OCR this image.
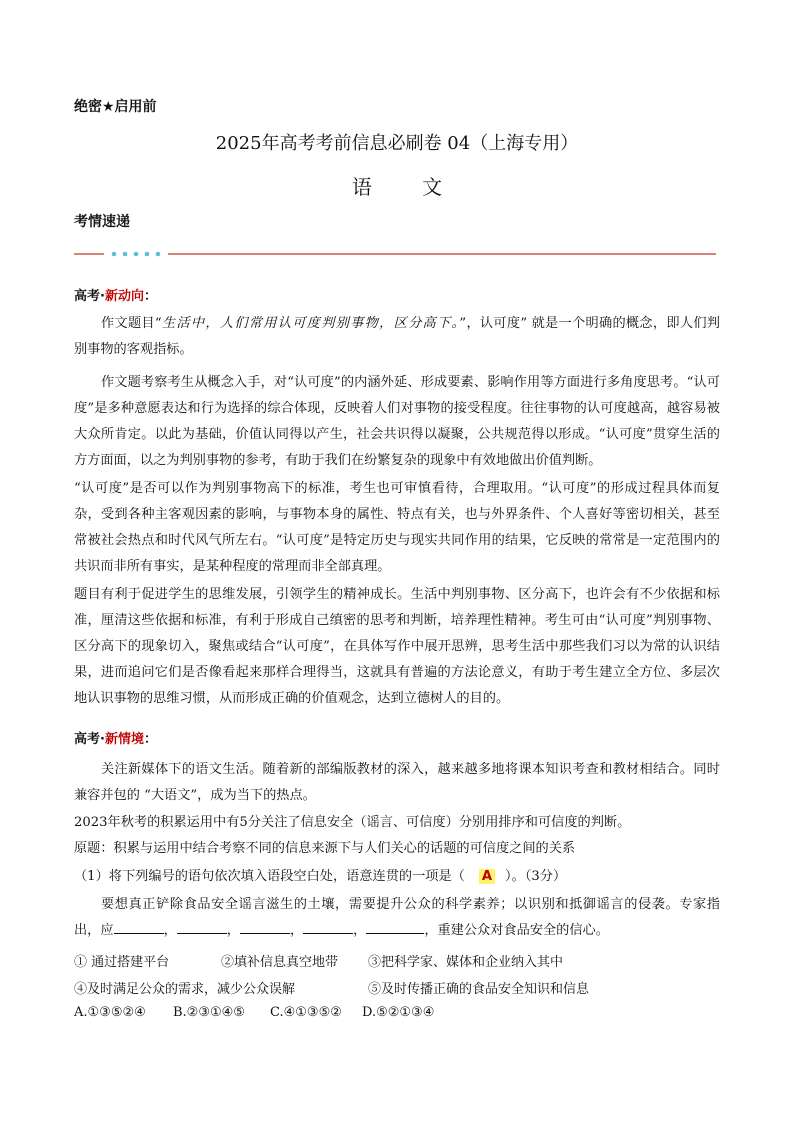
绝密★启用前
2025年高考考前信息必刷卷 04（上海专用）
语 文
考情速递
高考·新动向：
作文题目“生活中，人们常用认可度判别事物，区分高下。”，认可度” 就是一个明确的概念，即人们判别事物的客观指标。
作文题考察考生从概念入手，对“认可度”的内涵外延、形成要素、影响作用等方面进行多角度思考。“认可度”是多种意愿表达和行为选择的综合体现，反映着人们对事物的接受程度。往往事物的认可度越高，越容易被大众所肯定。以此为基础，价值认同得以产生，社会共识得以凝聚，公共规范得以形成。“认可度”贯穿生活的方方面面，以之为判别事物的参考，有助于我们在纷繁复杂的现象中有效地做出价值判断。
“认可度”是否可以作为判别事物高下的标准，考生也可审慎看待，合理取用。“认可度”的形成过程具体而复杂，受到各种主客观因素的影响，与事物本身的属性、特点有关，也与外界条件、个人喜好等密切相关，甚至常被社会热点和时代风气所左右。“认可度”是特定历史与现实共同作用的结果，它反映的常常是一定范围内的共识而非所有事实，是某种程度的常理而非全部真理。
题目有利于促进学生的思维发展，引领学生的精神成长。生活中判别事物、区分高下，也许会有不少依据和标准，厘清这些依据和标准，有利于形成自己缜密的思考和判断，培养理性精神。考生可由“认可度”判别事物、区分高下的现象切入，聚焦或结合“认可度”，在具体写作中展开思辨，思考生活中那些我们习以为常的认识结果，进而追问它们是否像看起来那样合理得当，这就具有普遍的方法论意义，有助于考生建立全方位、多层次地认识事物的思维习惯，从而形成正确的价值观念，达到立德树人的目的。
高考·新情境：
关注新媒体下的语文生活。随着新的部编版教材的深入，越来越多地将课本知识考查和教材相结合。同时兼容并包的 “大语文”，成为当下的热点。
2023年秋考的积累运用中有5分关注了信息安全（谣言、可信度）分别用排序和可信度的判断。
原题：积累与运用中结合考察不同的信息来源下与人们关心的话题的可信度之间的关系
（1）将下列编号的语句依次填入语段空白处，语意连贯的一项是（ A ）。（3分）
要想真正铲除食品安全谣言滋生的土壤，需要提升公众的科学素养；以识别和抵御谣言的侵袭。专家指出，应	，	，	，	，	，重建公众对食品安全的信心。
① 通过搭建平台	②填补信息真空地带 ③把科学家、媒体和企业纳入其中
④及时满足公众的需求，减少公众误解	⑤及时传播正确的食品安全知识和信息
A.①③⑤②④ B.②③①④⑤ C.④①③⑤② D.⑤②①③④
